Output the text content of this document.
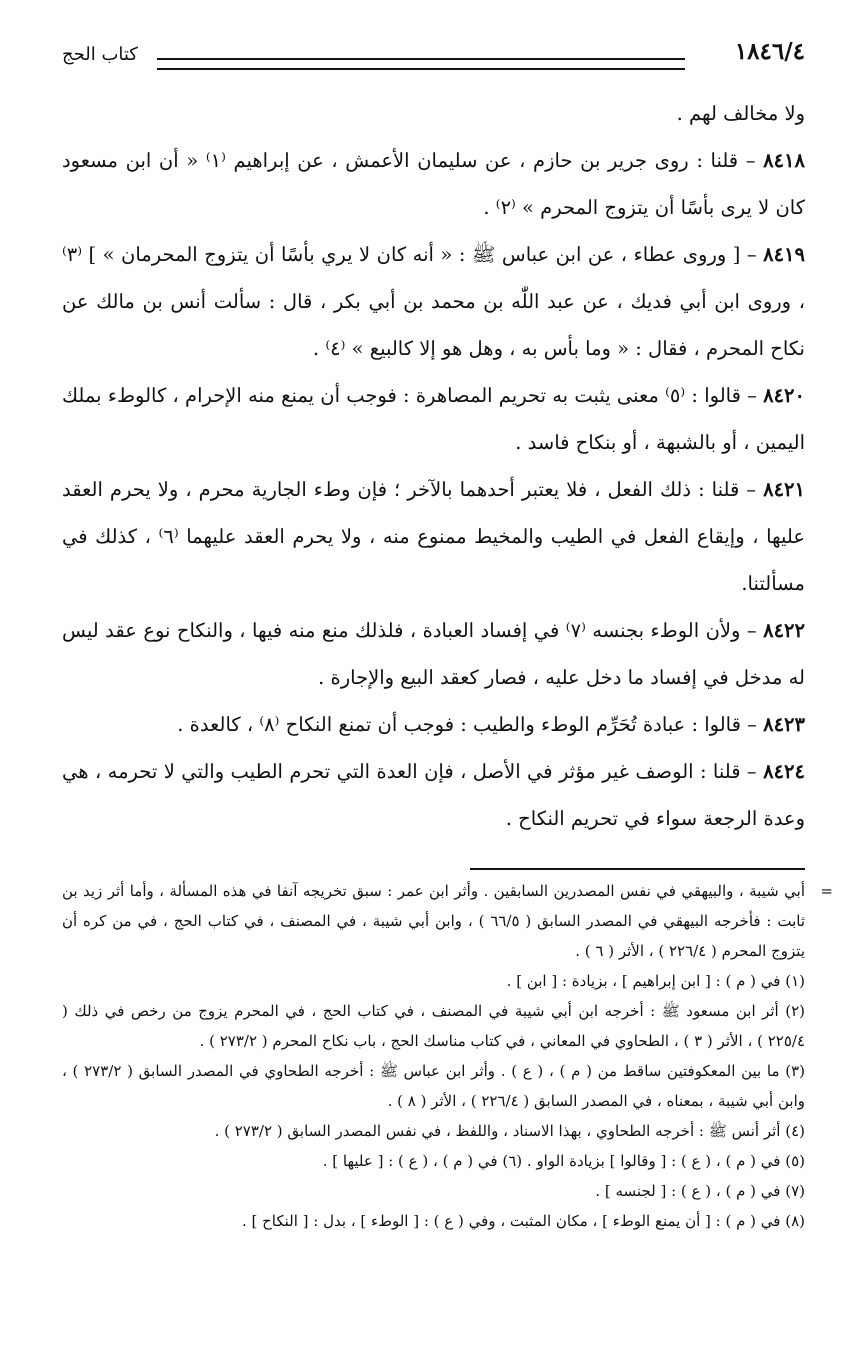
١٨٤٦/٤
كتاب الحج

ولا مخالف لهم .

٨٤١٨ – قلنا : روى جرير بن حازم ، عن سليمان الأعمش ، عن إبراهيم ⁽١⁾ « أن ابن مسعود كان لا يرى بأسًا أن يتزوج المحرم » ⁽٢⁾ .

٨٤١٩ – [ وروى عطاء ، عن ابن عباس ﷺ : « أنه كان لا يري بأسًا أن يتزوج المحرمان » ] ⁽٣⁾ ، وروى ابن أبي فديك ، عن عبد اللّٰه بن محمد بن أبي بكر ، قال : سألت أنس بن مالك عن نكاح المحرم ، فقال : « وما بأس به ، وهل هو إلا كالبيع » ⁽٤⁾ .

٨٤٢٠ – قالوا : ⁽٥⁾ معنى يثبت به تحريم المصاهرة : فوجب أن يمنع منه الإحرام ، كالوطء بملك اليمين ، أو بالشبهة ، أو بنكاح فاسد .

٨٤٢١ – قلنا : ذلك الفعل ، فلا يعتبر أحدهما بالآخر ؛ فإن وطء الجارية محرم ، ولا يحرم العقد عليها ، وإيقاع الفعل في الطيب والمخيط ممنوع منه ، ولا يحرم العقد عليهما ⁽٦⁾ ، كذلك في مسألتنا.

٨٤٢٢ – ولأن الوطء بجنسه ⁽٧⁾ في إفساد العبادة ، فلذلك منع منه فيها ، والنكاح نوع عقد ليس له مدخل في إفساد ما دخل عليه ، فصار كعقد البيع والإجارة .

٨٤٢٣ – قالوا : عبادة تُحَرِّم الوطء والطيب : فوجب أن تمنع النكاح ⁽٨⁾ ، كالعدة .

٨٤٢٤ – قلنا : الوصف غير مؤثر في الأصل ، فإن العدة التي تحرم الطيب والتي لا تحرمه ، هي وعدة الرجعة سواء في تحريم النكاح .

=
أبي شيبة ، والبيهقي في نفس المصدرين السابقين . وأثر ابن عمر : سبق تخريجه آنفا في هذه المسألة ، وأما أثر زيد بن ثابت : فأخرجه البيهقي في المصدر السابق ( ٦٦/٥ ) ، وابن أبي شيبة ، في المصنف ، في كتاب الحج ، في من كره أن يتزوج المحرم ( ٢٢٦/٤ ) ، الأثر ( ٦ ) .

(١) في ( م ) : [ ابن إبراهيم ] ، بزيادة : [ ابن ] .

(٢) أثر ابن مسعود ﷺ : أخرجه ابن أبي شيبة في المصنف ، في كتاب الحج ، في المحرم يزوج من رخص في ذلك ( ٢٢٥/٤ ) ، الأثر ( ٣ ) ، الطحاوي في المعاني ، في كتاب مناسك الحج ، باب نكاح المحرم ( ٢٧٣/٢ ) .

(٣) ما بين المعكوفتين ساقط من ( م ) ، ( ع ) . وأثر ابن عباس ﷺ : أخرجه الطحاوي في المصدر السابق ( ٢٧٣/٢ ) ، وابن أبي شيبة ، بمعناه ، في المصدر السابق ( ٢٢٦/٤ ) ، الأثر ( ٨ ) .

(٤) أثر أنس ﷺ : أخرجه الطحاوي ، بهذا الاسناد ، واللفظ ، في نفس المصدر السابق ( ٢٧٣/٢ ) .

(٥) في ( م ) ، ( ع ) : [ وقالوا ] بزيادة الواو . (٦) في ( م ) ، ( ع ) : [ عليها ] .

(٧) في ( م ) ، ( ع ) : [ لجنسه ] .

(٨) في ( م ) : [ أن يمنع الوطء ] ، مكان المثبت ، وفي ( ع ) : [ الوطء ] ، بدل : [ النكاح ] .
